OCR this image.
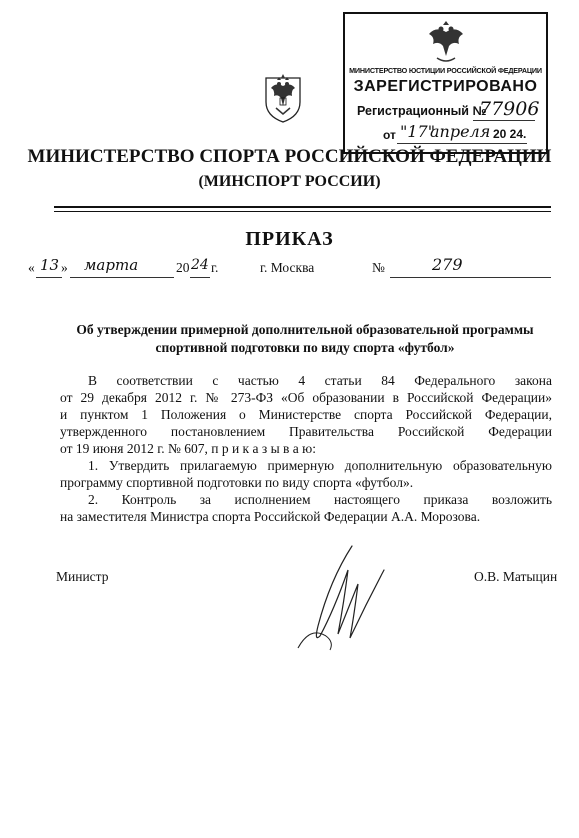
МИНИСТЕРСТВО ЮСТИЦИИ РОССИЙСКОЙ ФЕДЕРАЦИИ
ЗАРЕГИСТРИРОВАНО
Регистрационный №
77906
от "17"
апреля 20 24.
МИНИСТЕРСТВО СПОРТА РОССИЙСКОЙ ФЕДЕРАЦИИ
(МИНСПОРТ РОССИИ)
ПРИКАЗ
« 13 » марта	20 24 г.	г. Москва	№	279
Об утверждении примерной дополнительной образовательной программы
спортивной подготовки по виду спорта «футбол»
В соответствии с частью 4 статьи 84 Федерального закона
от 29 декабря 2012 г. № 273-ФЗ «Об образовании в Российской Федерации»
и пунктом 1 Положения о Министерстве спорта Российской Федерации,
утвержденного постановлением Правительства Российской Федерации
от 19 июня 2012 г. № 607, п р и к а з ы в а ю:
1. Утвердить прилагаемую примерную дополнительную образовательную
программу спортивной подготовки по виду спорта «футбол».
2. Контроль за исполнением настоящего приказа возложить
на заместителя Министра спорта Российской Федерации А.А. Морозова.
Министр	О.В. Матыцин
